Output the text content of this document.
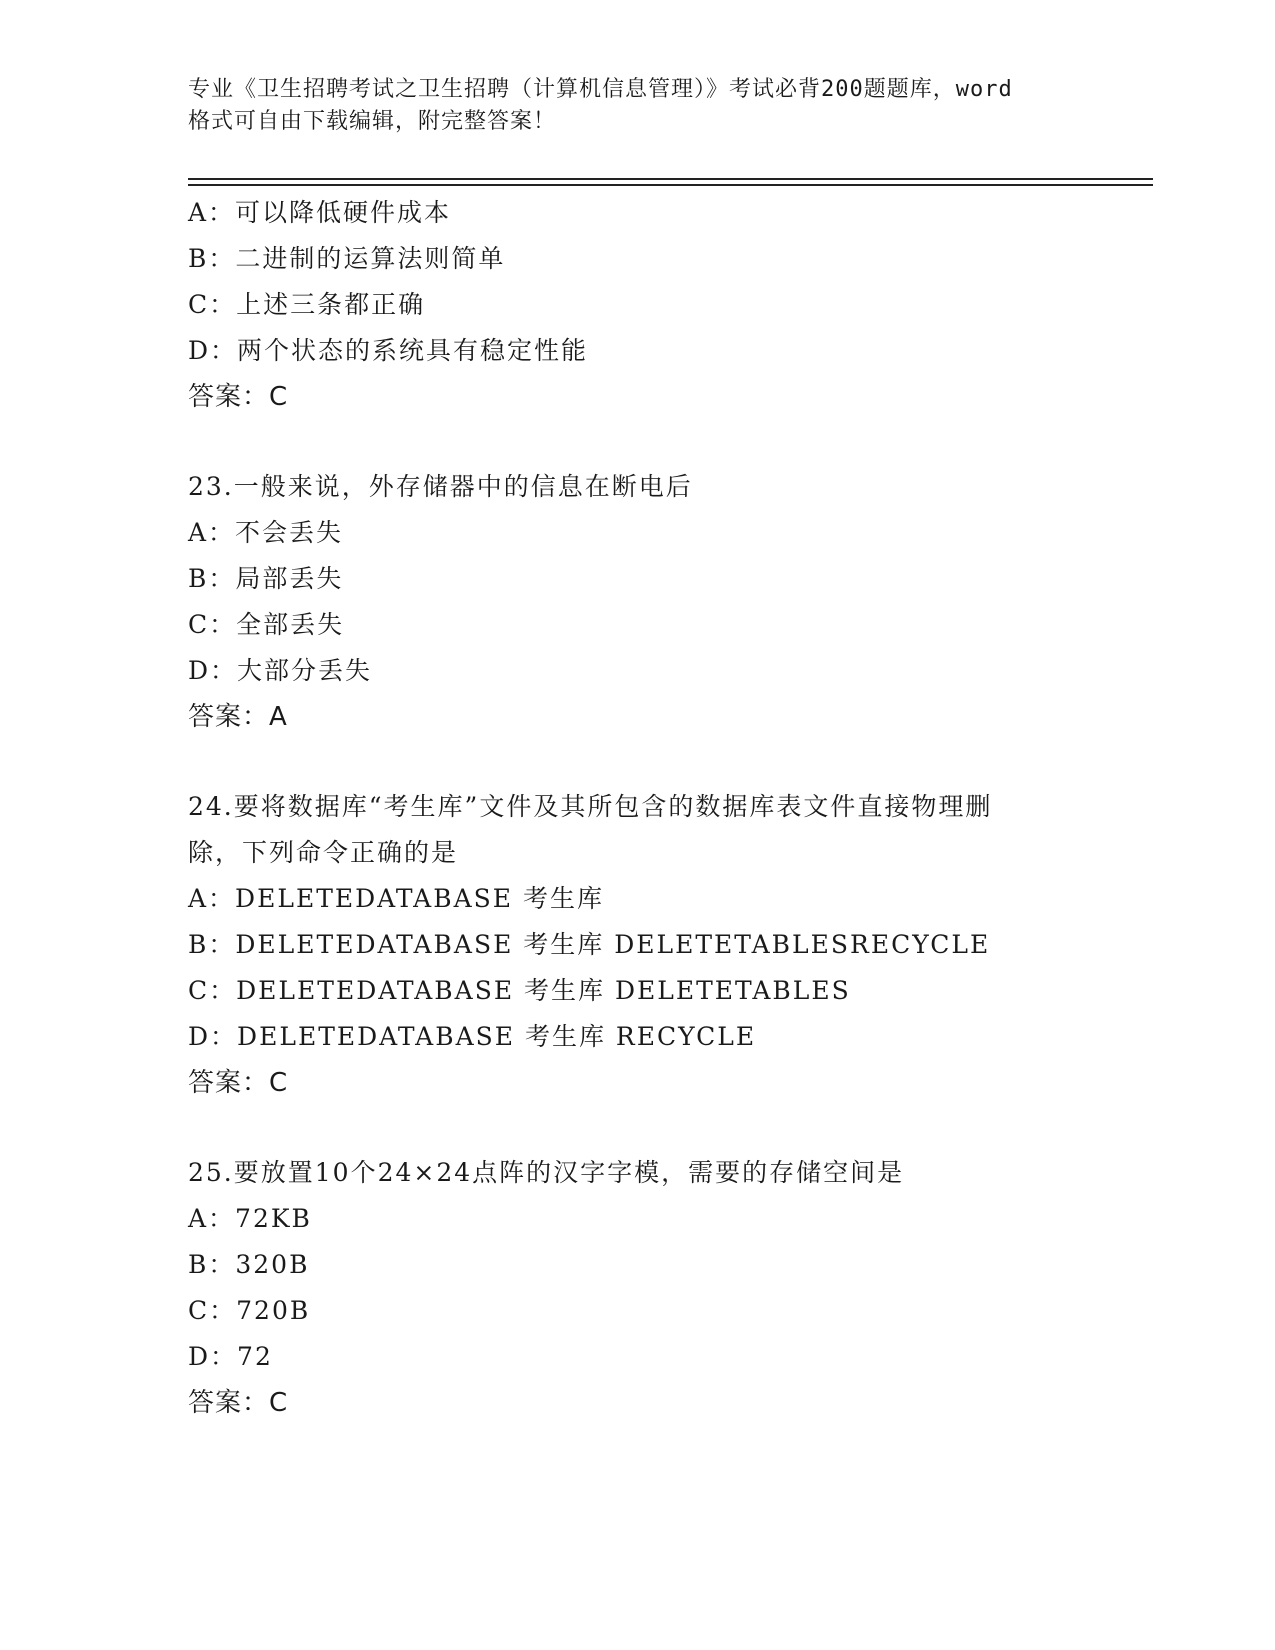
专业《卫生招聘考试之卫生招聘（计算机信息管理）》考试必背200题题库，word
格式可自由下载编辑，附完整答案！
A：可以降低硬件成本
B：二进制的运算法则简单
C：上述三条都正确
D：两个状态的系统具有稳定性能
答案：C
23.一般来说，外存储器中的信息在断电后
A：不会丢失
B：局部丢失
C：全部丢失
D：大部分丢失
答案：A
24.要将数据库“考生库”文件及其所包含的数据库表文件直接物理删
除，下列命令正确的是
A：DELETEDATABASE 考生库
B：DELETEDATABASE 考生库 DELETETABLESRECYCLE
C：DELETEDATABASE 考生库 DELETETABLES
D：DELETEDATABASE 考生库 RECYCLE
答案：C
25.要放置10个24×24点阵的汉字字模，需要的存储空间是
A：72KB
B：320B
C：720B
D：72
答案：C
